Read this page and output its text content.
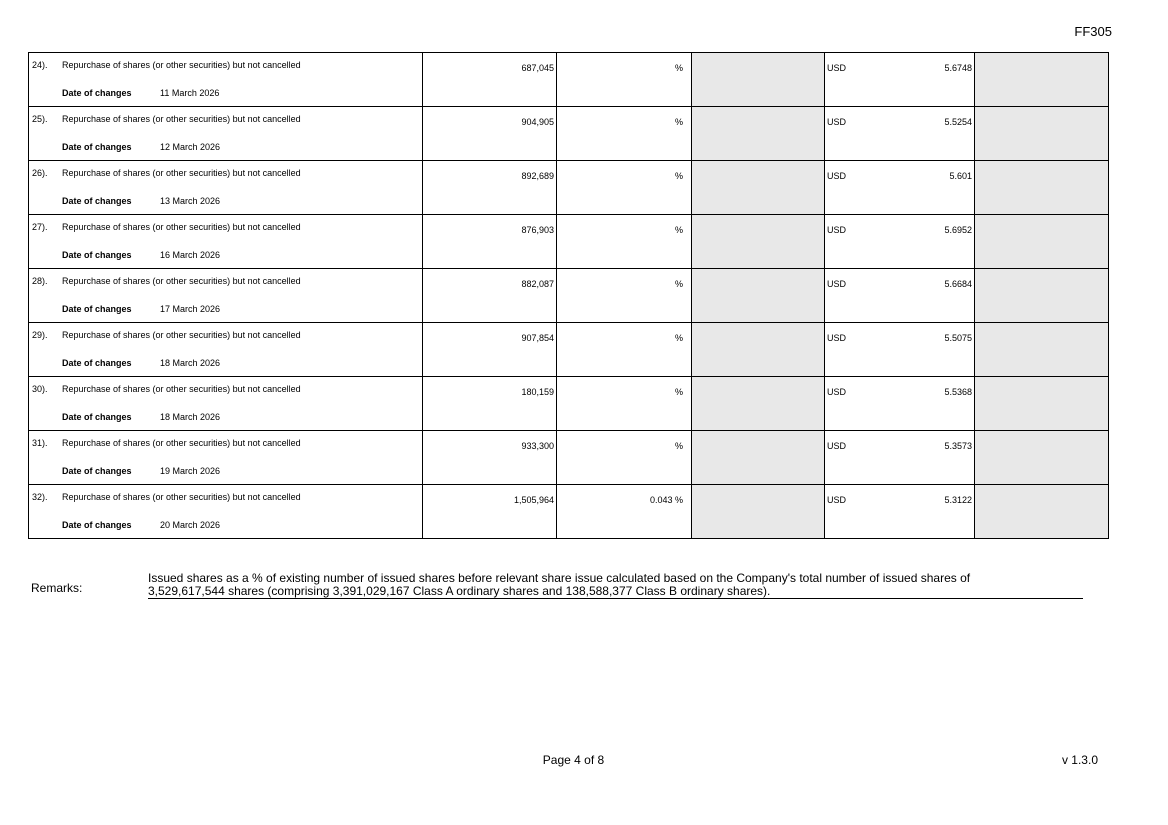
FF305
24). Repurchase of shares (or other securities) but not cancelled
Date of changes 11 March 2026	687,045	%		USD 5.6748	

25). Repurchase of shares (or other securities) but not cancelled
Date of changes 12 March 2026	904,905	%		USD 5.5254	

26). Repurchase of shares (or other securities) but not cancelled
Date of changes 13 March 2026	892,689	%		USD 5.601	

27). Repurchase of shares (or other securities) but not cancelled
Date of changes 16 March 2026	876,903	%		USD 5.6952	

28). Repurchase of shares (or other securities) but not cancelled
Date of changes 17 March 2026	882,087	%		USD 5.6684	

29). Repurchase of shares (or other securities) but not cancelled
Date of changes 18 March 2026	907,854	%		USD 5.5075	

30). Repurchase of shares (or other securities) but not cancelled
Date of changes 18 March 2026	180,159	%		USD 5.5368	

31). Repurchase of shares (or other securities) but not cancelled
Date of changes 19 March 2026	933,300	%		USD 5.3573	

32). Repurchase of shares (or other securities) but not cancelled
Date of changes 20 March 2026	1,505,964	0.043 %		USD 5.3122	

Remarks:
Issued shares as a % of existing number of issued shares before relevant share issue calculated based on the Company's total number of issued shares of
3,529,617,544 shares (comprising 3,391,029,167 Class A ordinary shares and 138,588,377 Class B ordinary shares).
Page 4 of 8	v 1.3.0
